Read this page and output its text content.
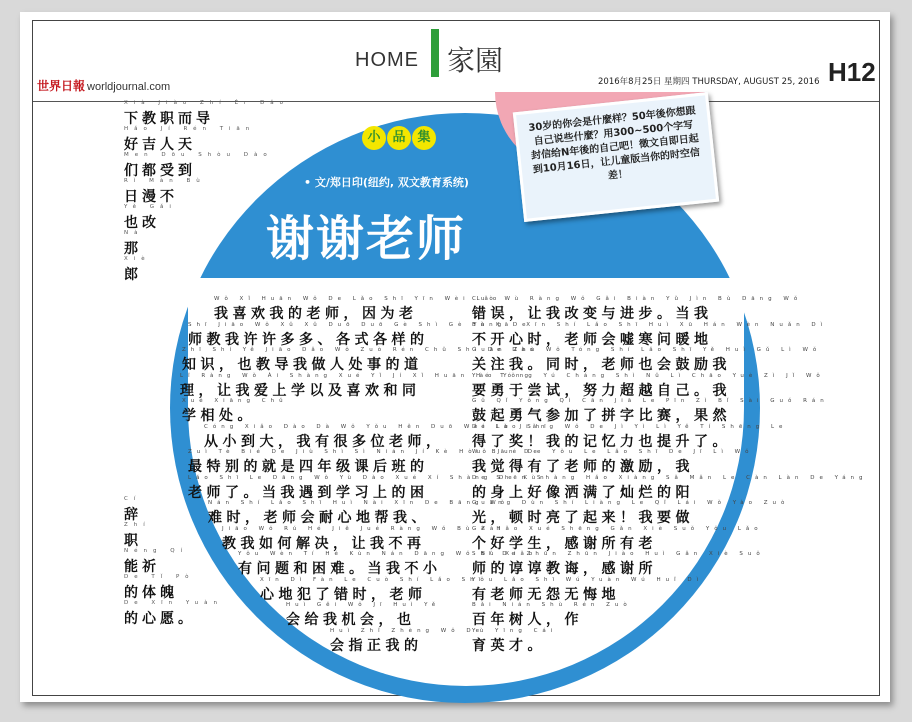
世界日報 worldjournal.com
HOME 家園
2016年8月25日 星期四 THURSDAY, AUGUST 25, 2016 H12
Xià Jiào Zhí Ér Dǎo
下教职而导
Hǎo Jí Rén Tiān
好吉人天
Men Dōu Shòu Dào
们都受到
Rì Màn Bù
日漫不
Yě Gǎi
也改
Nà
那
Xiè
郎
Cí
辞
Zhí
职
Néng Qí
能祈
De Tǐ Pò
的体魄
De Xīn Yuàn
的心愿。
30岁的你会是什麼样？50年後你想跟自己说些什麼？用300~500个字写封信给N年後的自己吧！徵文自即日起到10月16日，让儿童版当你的时空信差！
小 品 集
• 文/郑日印(纽约, 双文教育系统)
谢谢老师
Wǒ Xǐ Huān Wǒ De Lǎo Shī Yīn Wèi Lǎo
我喜欢我的老师，因为老
Shī Jiāo Wǒ Xǔ Xǔ Duō Duō Gè Shì Gè Yàng De
师教我许许多多、各式各样的
Zhī Shí Yě Jiāo Dǎo Wǒ Zuò Rén Chǔ Shì De Dào
知识，也教导我做人处事的道
Lǐ Ràng Wǒ Ài Shàng Xué Yǐ Jí Xǐ Huān Hé Tóng
理，让我爱上学以及喜欢和同
Xué Xiāng Chǔ
学相处。
Cóng Xiǎo Dào Dà Wǒ Yǒu Hěn Duō Wèi Lǎo Shī
从小到大，我有很多位老师，
Zuì Tè Bié De Jiù Shì Sì Nián Jí Kè Hòu Bān De
最特别的就是四年级课后班的
Lǎo Shī Le Dāng Wǒ Yù Dào Xué Xí Shàng De Kùn
老师了。当我遇到学习上的困
Nán Shí Lǎo Shī Huì Nài Xīn De Bāng Wǒ
难时，老师会耐心地帮我、
Jiāo Wǒ Rú Hé Jiě Jué Ràng Wǒ Bù Zài
教我如何解决，让我不再
Yǒu Wèn Tí Hé Kùn Nán Dāng Wǒ Bù Xiǎo
有问题和困难。当我不小
Xīn Dì Fàn Le Cuò Shí Lǎo Shī
心地犯了错时，老师
Huì Gěi Wǒ Jī Huì Yě
会给我机会，也
Huì Zhǐ Zhèng Wǒ De
会指正我的
Cuò Wù Ràng Wǒ Gǎi Biàn Yǔ Jìn Bù Dāng Wǒ
错误，让我改变与进步。当我
Bù Kāi Xīn Shí Lǎo Shī Huì Xū Hán Wèn Nuǎn Dì
不开心时，老师会嘘寒问暖地
Guān Zhù Wǒ Tóng Shí Lǎo Shī Yě Huì Gǔ Lì Wǒ
关注我。同时，老师也会鼓励我
Yào Yǒng Yú Cháng Shì Nǔ Lì Chāo Yuè Zì Jǐ Wǒ
要勇于尝试，努力超越自己。我
Gǔ Qǐ Yǒng Qì Cān Jiā Le Pīn Zì Bǐ Sài Guǒ Rán
鼓起勇气参加了拼字比赛，果然
Dé Le Jiǎng Wǒ De Jì Yì Lì Yě Tí Shēng Le
得了奖！我的记忆力也提升了。
Wǒ Jué De Yǒu Le Lǎo Shī De Jī Lì Wǒ
我觉得有了老师的激励，我
De Shēn Shàng Hǎo Xiàng Sǎ Mǎn Le Càn Làn De Yáng
的身上好像洒满了灿烂的阳
Guāng Dùn Shí Liàng Le Qǐ Lái Wǒ Yào Zuò
光，顿时亮了起来！我要做
Gè Hǎo Xué Shēng Gǎn Xiè Suǒ Yǒu Lǎo
个好学生，感谢所有老
Shī De Zhūn Zhūn Jiào Huì Gǎn Xiè Suǒ
师的谆谆教诲，感谢所
Yǒu Lǎo Shī Wú Yuàn Wú Huǐ Dì
有老师无怨无悔地
Bǎi Nián Shù Rén Zuò
百年树人，作
Yù Yīng Cái
育英才。
